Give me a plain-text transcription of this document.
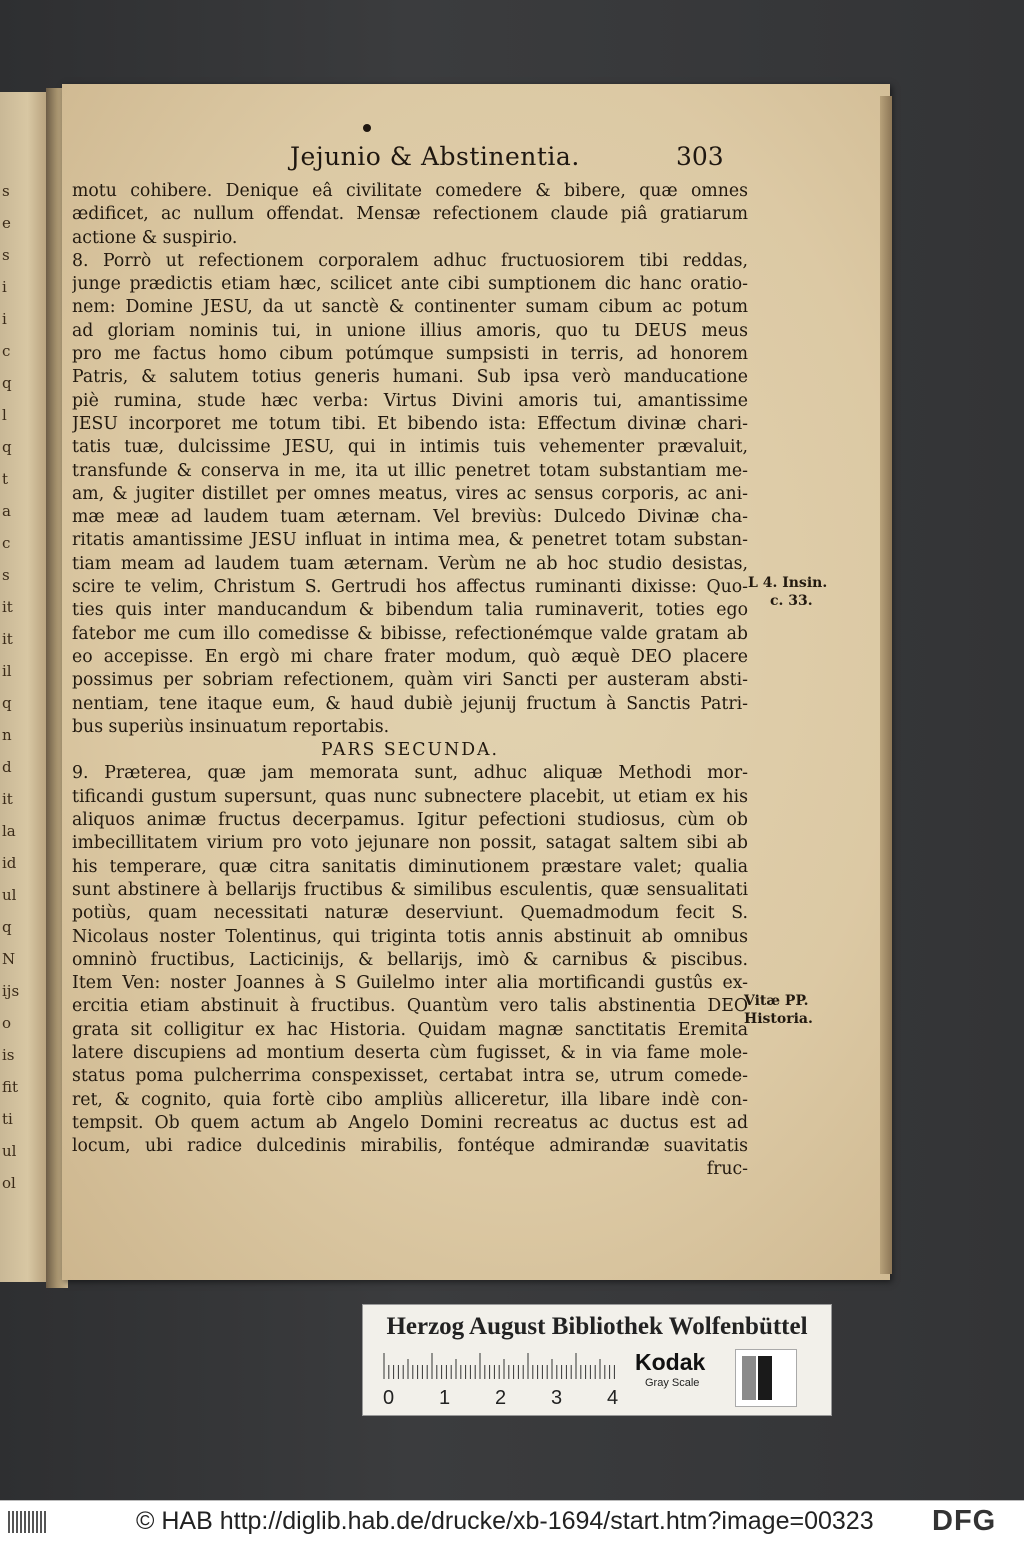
s
e
s
i
i
c
q
l
q
t
a
c
s
it
it
il
q
n
d
it
la
id
ul
q
N
ijs
o
is
fit
ti
ul
ol
Jejunio & Abstinentia.	303
motu cohibere. Denique eâ civilitate comedere & bibere, quæ omnes
ædificet, ac nullum offendat. Mensæ refectionem claude piâ gratiarum
actione & suspirio.
8. Porrò ut refectionem corporalem adhuc fructuosiorem tibi reddas,
junge prædictis etiam hæc, scilicet ante cibi sumptionem dic hanc oratio-
nem: Domine JESU, da ut sanctè & continenter sumam cibum ac potum
ad gloriam nominis tui, in unione illius amoris, quo tu DEUS meus
pro me factus homo cibum potúmque sumpsisti in terris, ad honorem
Patris, & salutem totius generis humani. Sub ipsa verò manducatione
piè rumina, stude hæc verba: Virtus Divini amoris tui, amantissime
JESU incorporet me totum tibi. Et bibendo ista: Effectum divinæ chari-
tatis tuæ, dulcissime JESU, qui in intimis tuis vehementer prævaluit,
transfunde & conserva in me, ita ut illic penetret totam substantiam me-
am, & jugiter distillet per omnes meatus, vires ac sensus corporis, ac ani-
mæ meæ ad laudem tuam æternam. Vel breviùs: Dulcedo Divinæ cha-
ritatis amantissime JESU influat in intima mea, & penetret totam substan-
tiam meam ad laudem tuam æternam. Verùm ne ab hoc studio desistas,
scire te velim, Christum S. Gertrudi hos affectus ruminanti dixisse: Quo-
ties quis inter manducandum & bibendum talia ruminaverit, toties ego
fatebor me cum illo comedisse & bibisse, refectionémque valde gratam ab
eo accepisse. En ergò mi chare frater modum, quò æquè DEO placere
possimus per sobriam refectionem, quàm viri Sancti per austeram absti-
nentiam, tene itaque eum, & haud dubiè jejunij fructum à Sanctis Patri-
bus superiùs insinuatum reportabis.
PARS SECUNDA.
9. Præterea, quæ jam memorata sunt, adhuc aliquæ Methodi mor-
tificandi gustum supersunt, quas nunc subnectere placebit, ut etiam ex his
aliquos animæ fructus decerpamus. Igitur pefectioni studiosus, cùm ob
imbecillitatem virium pro voto jejunare non possit, satagat saltem sibi ab
his temperare, quæ citra sanitatis diminutionem præstare valet; qualia
sunt abstinere à bellarijs fructibus & similibus esculentis, quæ sensualitati
potiùs, quam necessitati naturæ deserviunt. Quemadmodum fecit S.
Nicolaus noster Tolentinus, qui triginta totis annis abstinuit ab omnibus
omninò fructibus, Lacticinijs, & bellarijs, imò & carnibus & piscibus.
Item Ven: noster Joannes à S Guilelmo inter alia mortificandi gustûs ex-
ercitia etiam abstinuit à fructibus. Quantùm vero talis abstinentia DEO
grata sit colligitur ex hac Historia. Quidam magnæ sanctitatis Eremita
latere discupiens ad montium deserta cùm fugisset, & in via fame mole-
status poma pulcherrima conspexisset, certabat intra se, utrum comede-
ret, & cognito, quia fortè cibo ampliùs alliceretur, illa libare indè con-
tempsit. Ob quem actum ab Angelo Domini recreatus ac ductus est ad
locum, ubi radice dulcedinis mirabilis, fontéque admirandæ suavitatis
fruc-
L 4. Insin.
c. 33.
Vitæ PP.
Historia.
Herzog August Bibliothek Wolfenbüttel
0 1 2 3 4
Kodak
Gray Scale
© HAB http://diglib.hab.de/drucke/xb-1694/start.htm?image=00323 DFG
